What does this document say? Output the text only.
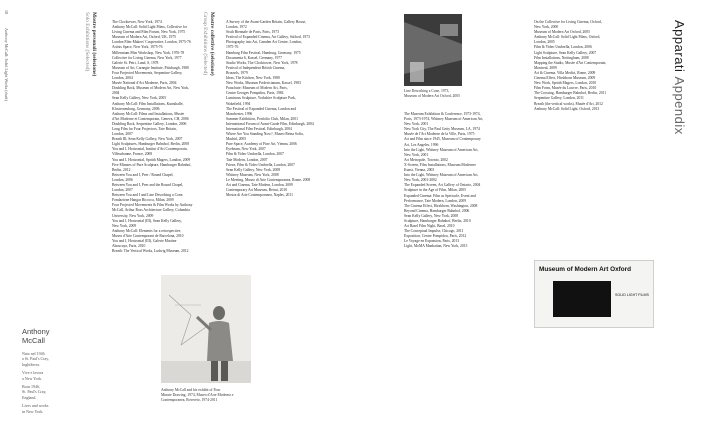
18
Anthony McCall: Solid Light Works (draft)	Mostre personali (selezione)
Solo Exhibitions (Selected)	The Clocktower, New York, 1974
Anthony McCall: Solid Light Films, Collective for
Living Cinema and Film Forum, New York, 1975
Museum of Modern Art, Oxford, UK, 1975
London Film-Makers' Cooperative, London, 1975-76
Artists Space, New York, 1975-76
Millennium Film Workshop, New York, 1976-78
Collective for Living Cinema, New York, 1977
Galerie St. Petri, Lund, S, 1978
Museum of Art, Carnegie Institute, Pittsburgh, 1980
Four Projected Movements, Serpentine Gallery,
London, 2004
Musée National d'Art Moderne, Paris, 2004
Doubling Back, Museum of Modern Art, New York,
2004
Sean Kelly Gallery, New York, 2005
Anthony McCall: Film Installations, Kunsthalle,
Klosterneuburg, Germany, 2006
Anthony McCall: Films and Installations, Musée
d'Art Moderne et Contemporain, Geneva, CH, 2006
Doubling Back, Serpentine Gallery, London, 2006
Long Film for Four Projectors, Tate Britain,
London, 2007
Breath III, Sean Kelly Gallery, New York, 2007
Light Sculptures, Hamburger Bahnhof, Berlin, 2008
You and I, Horizontal, Institut d'Art Contemporain,
Villeurbanne, France, 2008
You and I, Horizontal, Sprüth Magers, London, 2009
Five Minutes of Pure Sculpture, Hamburger Bahnhof,
Berlin, 2012
Between You and I, Peer / Round Chapel,
London, 2006
Between You and I, Peer and the Round Chapel,
London, 2007
Between You and I and Line Describing a Cone,
Fondazione Hangar Bicocca, Milan, 2009
Four Projected Movements & Film Works by Anthony
McCall, Arthur Ross Architecture Gallery, Columbia
University, New York, 2009
You and I, Horizontal (III), Sean Kelly Gallery,
New York, 2009
Anthony McCall: Elements for a retrospective,
Museu d'Arte Contemporani de Barcelona, 2010
You and I, Horizontal (III), Galerie Martine
Aboucaya, Paris, 2010
Breath: The Vertical Works, Ludwig Museum, 2012
Anthony
McCall
Nato nel 1946
a St. Paul's Cray,
Inghilterra.
Vive e lavora
a New York.
Born 1946,
St. Paul's Cray,
England.
Lives and works
in New York.
Mostre collettive (selezione)
Group Exhibitions (Selected)	A Survey of the Avant-Garden Britain, Gallery House,
London, 1972
Sixth Biennale de Paris, Paris, 1973
Festival of Expanded Cinema, Art Gallery, Salford, 1973
Photography into Art, Camden Art Centre, London,
1975-76
Hamburg Film Festival, Hamburg, Germany, 1975
Documenta 6, Kassel, Germany, 1977
Studio Works, The Clocktower, New York, 1978
Festival of Independent British Cinema,
Brussels, 1979
Ideas, The Kitchen, New York, 1980
New Works, Museum Fridericianum, Kassel, 1983
Parachute: Museum of Modern Art, Paris,
Centre Georges Pompidou, Paris, 1984
Luminous Sculpture, Yorkshire Sculpture Park,
Wakefield, 1994
The Festival of Expanded Cinema, London and
Manchester, 1996
Summer Exhibition, Portfolio Club, Milan, 2001
International Forum of Avant-Garde Film, Edinburgh, 2004
International Film Festival, Edinburgh, 2004
Where Are You Standing Now?, Museo Reina Sofía,
Madrid, 2005
Pure Space, Academy of Fine Art, Vienna, 2006
Eyebeam, New York, 2007
Film & Video Umbrella, London, 2007
Tate Modern, London, 2007
Frieze, Film & Video Umbrella, London, 2007
Sean Kelly Gallery, New York, 2008
Whitney Museum, New York, 2008
Le Meeting, Museo di Arte Contemporanea, Rome, 2008
Art and Cinema, Tate Modern, London, 2009
Contemporary Art Museum, Beirut, 2010
Mostra di Arte Contemporanea, Naples, 2011
Anthony McCall and his exhibit of Four
Minute Drawing, 1974, Museo d'Arte Moderna e
Contemporanea, Rovereto, 1974-2011
Apparati Appendix
Line Describing a Cone, 1973,
Museum of Modern Art Oxford, 2005
The Museum Exhibition & Conference, 1973-1974,
Paris, 1973-1974, Whitney Museum of American Art,
New York, 2001
New York City, The Paul Getty Museum, LA, 1974
Musée de l'Art Moderne de la Ville, Paris, 1975
Art and Film since 1945, Museum of Contemporary
Art, Los Angeles, 1996
Into the Light, Whitney Museum of American Art,
New York, 2001
Art Metropole, Toronto, 2002
X-Screen, Film Installations, Museum Moderner
Kunst, Vienna, 2003
Into the Light, Whitney Museum of American Art,
New York, 2001-2002
The Expanded Screen, Art Gallery of Ontario, 2004
Sculpture in the Age of Film, Milan, 2005
Expanded Cinema: Film as Spectacle, Event and
Performance, Tate Modern, London, 2009
The Cinema Effect, Hirshhorn, Washington, 2008
Beyond Cinema, Hamburger Bahnhof, 2006
Sean Kelly Gallery, New York, 2008
Sculpture, Hamburger Bahnhof, Berlin, 2010
Art Basel Film Night, Basel, 2010
The Conceptual Impulse, Chicago, 2011
Exposition, Centre Pompidou, Paris, 2012
Le Voyage en Expansion, Paris, 2013
Light, MoMA Manhattan, New York, 2013
On the Collective for Living Cinema, Oxford,
New York, 2000
Museum of Modern Art Oxford, 2005
Anthony McCall: Solid Light Films, Oxford,
London, 2005
Film & Video Umbrella, London, 2006
Light Sculpture, Sean Kelly Gallery, 2007
Film Installations, Nottingham, 2008
Mapping the Studio, Musée d'Art Contemporain,
Montreal, 2009
Art & Cinema, Villa Medici, Rome, 2009
Cinema Effect, Hirshhorn Museum, 2009
New Work, Sprüth Magers, London, 2010
Film Form, Musée du Louvre, Paris, 2010
The Crossing, Hamburger Bahnhof, Berlin, 2011
Serpentine Gallery, London, 2011
Breath (the vertical works), Musée d'Art, 2012
Anthony McCall: Solid Light, Oxford, 2013
Museum of Modern Art Oxford
SOLID LIGHT FILMS
